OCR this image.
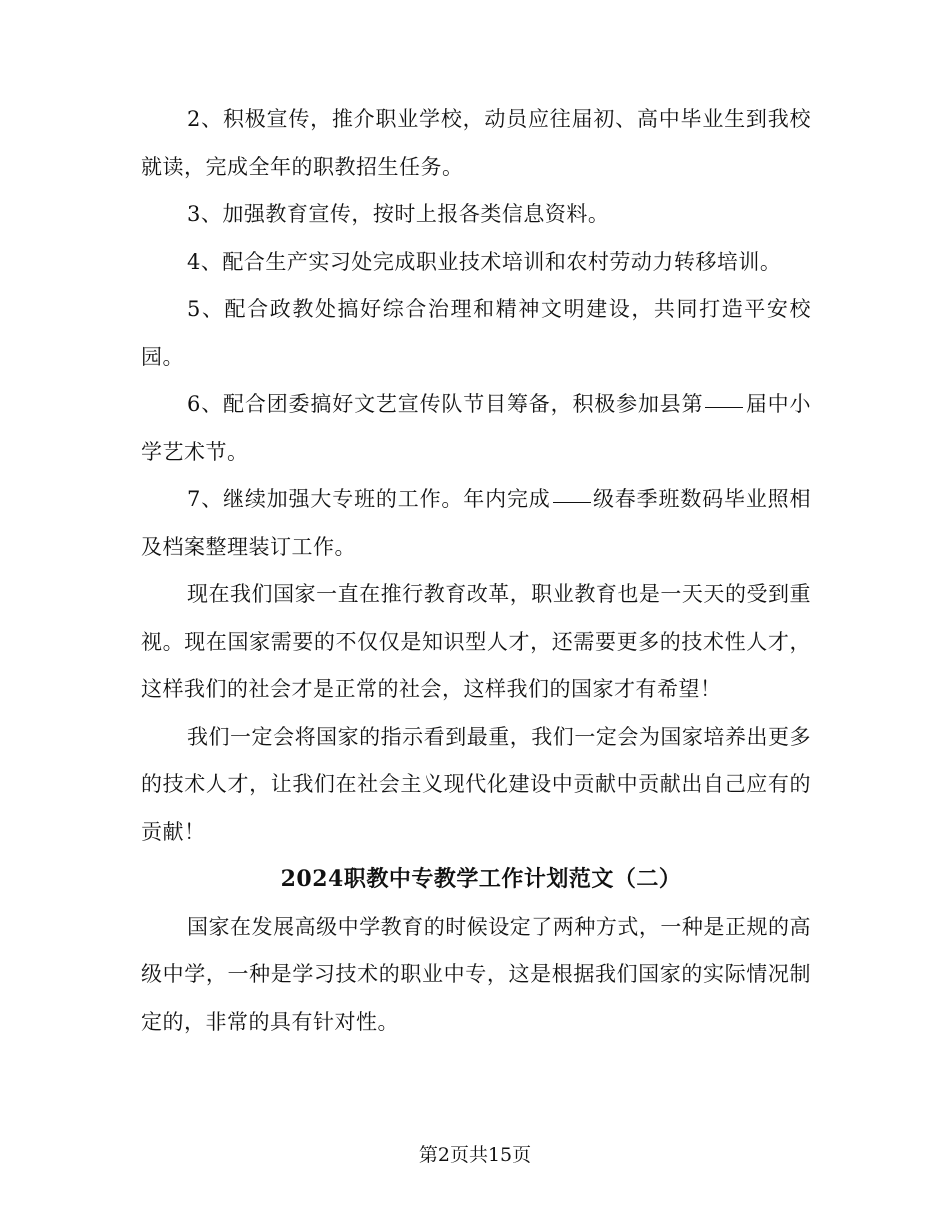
2、积极宣传，推介职业学校，动员应往届初、高中毕业生到我校就读，完成全年的职教招生任务。

3、加强教育宣传，按时上报各类信息资料。

4、配合生产实习处完成职业技术培训和农村劳动力转移培训。

5、配合政教处搞好综合治理和精神文明建设，共同打造平安校园。

6、配合团委搞好文艺宣传队节目筹备，积极参加县第 届中小学艺术节。

7、继续加强大专班的工作。年内完成 级春季班数码毕业照相及档案整理装订工作。

现在我们国家一直在推行教育改革，职业教育也是一天天的受到重视。现在国家需要的不仅仅是知识型人才，还需要更多的技术性人才，这样我们的社会才是正常的社会，这样我们的国家才有希望！

我们一定会将国家的指示看到最重，我们一定会为国家培养出更多的技术人才，让我们在社会主义现代化建设中贡献中贡献出自己应有的贡献！

2024职教中专教学工作计划范文（二）

国家在发展高级中学教育的时候设定了两种方式，一种是正规的高级中学，一种是学习技术的职业中专，这是根据我们国家的实际情况制定的，非常的具有针对性。

第2页共15页
